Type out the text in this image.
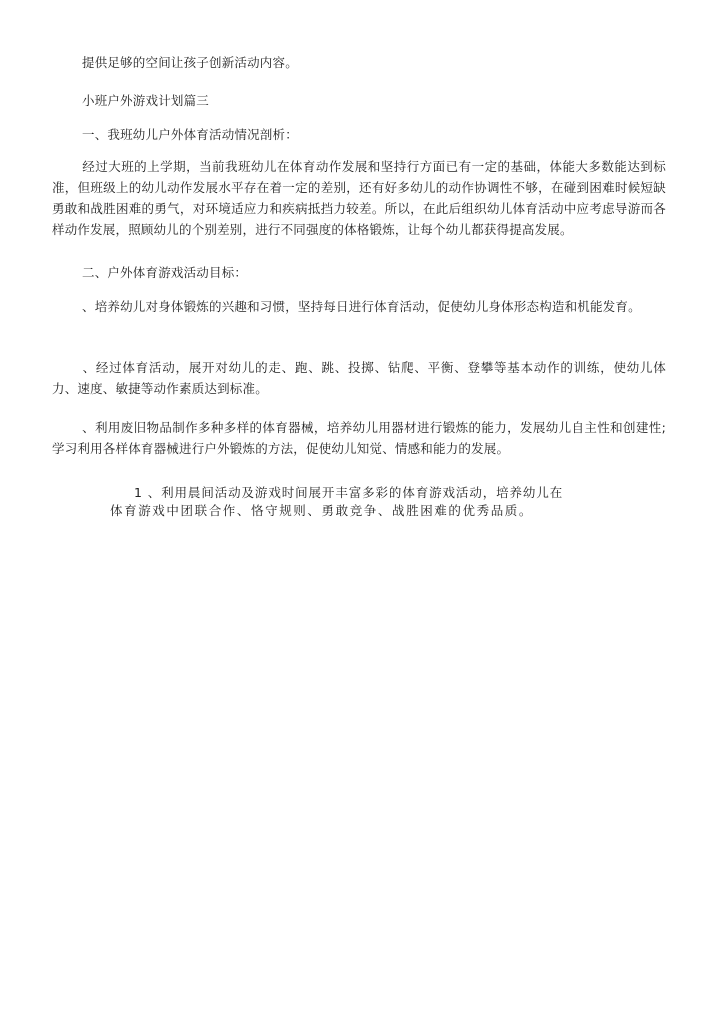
提供足够的空间让孩子创新活动内容。

小班户外游戏计划篇三

一、我班幼儿户外体育活动情况剖析：

经过大班的上学期，当前我班幼儿在体育动作发展和坚持行方面已有一定的基础，体能大多数能达到标准，但班级上的幼儿动作发展水平存在着一定的差别，还有好多幼儿的动作协调性不够，在碰到困难时候短缺勇敢和战胜困难的勇气，对环境适应力和疾病抵挡力较差。所以，在此后组织幼儿体育活动中应考虑导游而各样动作发展，照顾幼儿的个别差别，进行不同强度的体格锻炼，让每个幼儿都获得提高发展。

二、户外体育游戏活动目标：

、培养幼儿对身体锻炼的兴趣和习惯，坚持每日进行体育活动，促使幼儿身体形态构造和机能发育。

、经过体育活动，展开对幼儿的走、跑、跳、投掷、钻爬、平衡、登攀等基本动作的训练，使幼儿体力、速度、敏捷等动作素质达到标准。

、利用废旧物品制作多种多样的体育器械，培养幼儿用器材进行锻炼的能力，发展幼儿自主性和创建性;学习利用各样体育器械进行户外锻炼的方法，促使幼儿知觉、情感和能力的发展。

1 、利用晨间活动及游戏时间展开丰富多彩的体育游戏活动，培养幼儿在

体育游戏中团联合作、恪守规则、勇敢竞争、战胜困难的优秀品质。
